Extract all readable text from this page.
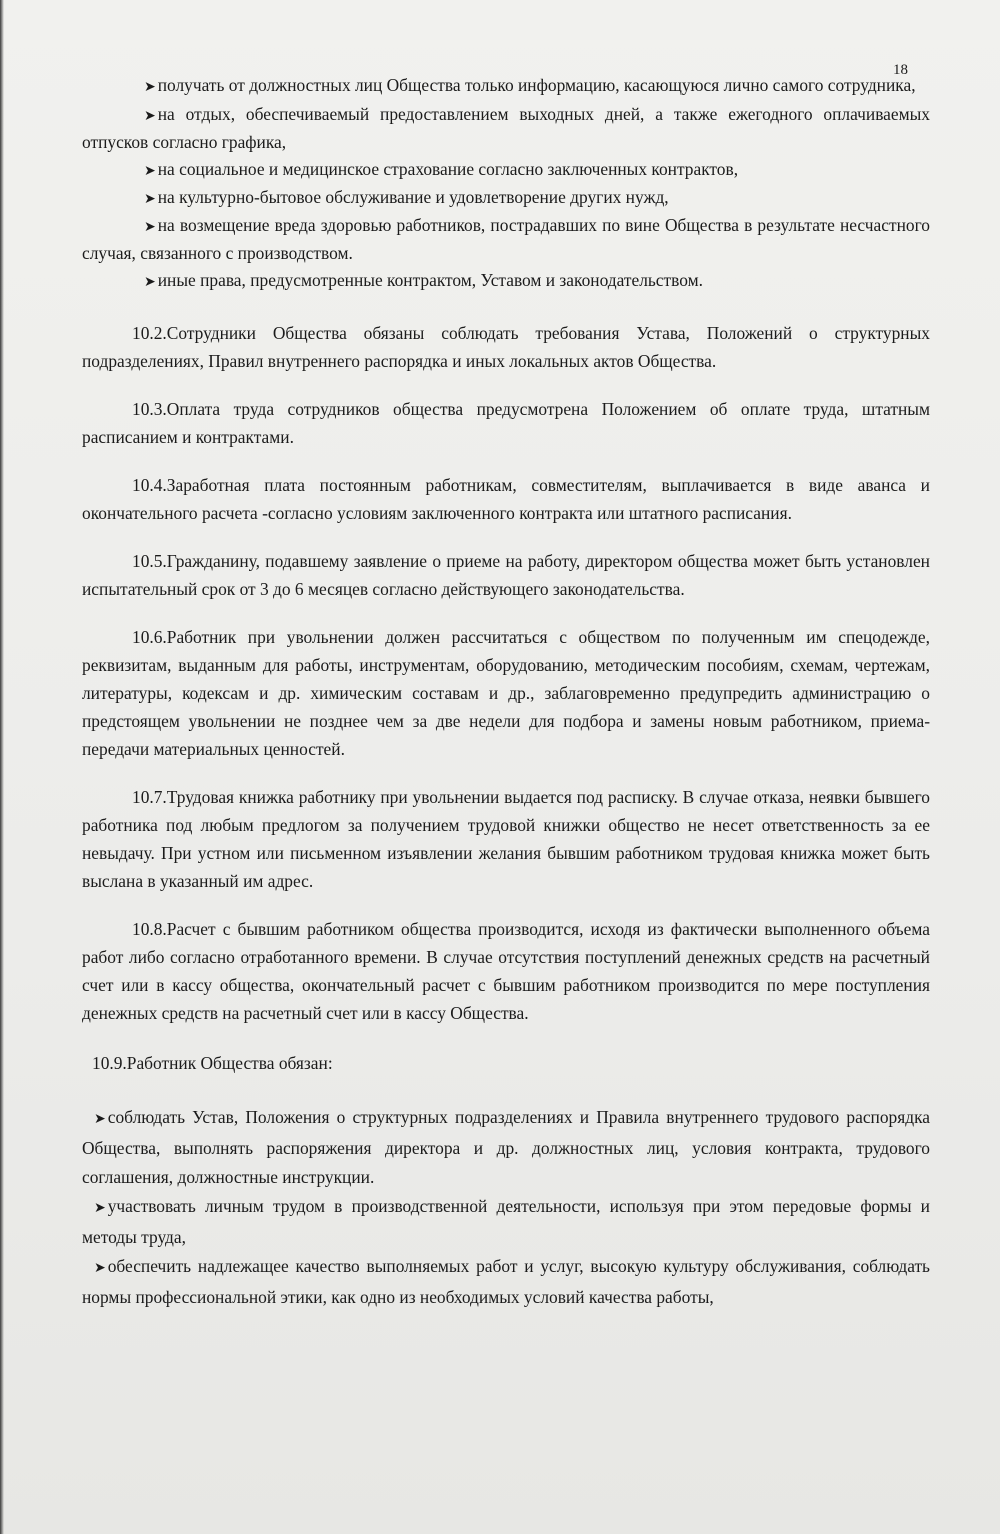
18

➤ получать от должностных лиц Общества только информацию, касающуюся лично самого сотрудника,

➤ на отдых, обеспечиваемый предоставлением выходных дней, а также ежегодного оплачиваемых отпусков согласно графика,

➤ на социальное и медицинское страхование согласно заключенных контрактов,

➤ на культурно-бытовое обслуживание и удовлетворение других нужд,

➤ на возмещение вреда здоровью работников, пострадавших по вине Общества в результате несчастного случая, связанного с производством.

➤ иные права, предусмотренные контрактом, Уставом и законодательством.

10.2.Сотрудники Общества обязаны соблюдать требования Устава, Положений о структурных подразделениях, Правил внутреннего распорядка и иных локальных актов Общества.

10.3.Оплата труда сотрудников общества предусмотрена Положением об оплате труда, штатным расписанием и контрактами.

10.4.Заработная плата постоянным работникам, совместителям, выплачивается в виде аванса и окончательного расчета -согласно условиям заключенного контракта или штатного расписания.

10.5.Гражданину, подавшему заявление о приеме на работу, директором общества может быть установлен испытательный срок от 3 до 6 месяцев согласно действующего законодательства.

10.6.Работник при увольнении должен рассчитаться с обществом по полученным им спецодежде, реквизитам, выданным для работы, инструментам, оборудованию, методическим пособиям, схемам, чертежам, литературы, кодексам и др. химическим составам и др., заблаговременно предупредить администрацию о предстоящем увольнении не позднее чем за две недели для подбора и замены новым работником, приема- передачи материальных ценностей.

10.7.Трудовая книжка работнику при увольнении выдается под расписку. В случае отказа, неявки бывшего работника под любым предлогом за получением трудовой книжки общество не несет ответственность за ее невыдачу. При устном или письменном изъявлении желания бывшим работником трудовая книжка может быть выслана в указанный им адрес.

10.8.Расчет с бывшим работником общества производится, исходя из фактически выполненного объема работ либо согласно отработанного времени. В случае отсутствия поступлений денежных средств на расчетный счет или в кассу общества, окончательный расчет с бывшим работником производится по мере поступления денежных средств на расчетный счет или в кассу Общества.

10.9.Работник Общества обязан:

➤ соблюдать Устав, Положения о структурных подразделениях и Правила внутреннего трудового распорядка Общества, выполнять распоряжения директора и др. должностных лиц, условия контракта, трудового соглашения, должностные инструкции.

➤ участвовать личным трудом в производственной деятельности, используя при этом передовые формы и методы труда,

➤ обеспечить надлежащее качество выполняемых работ и услуг, высокую культуру обслуживания, соблюдать нормы профессиональной этики, как одно из необходимых условий качества работы,
